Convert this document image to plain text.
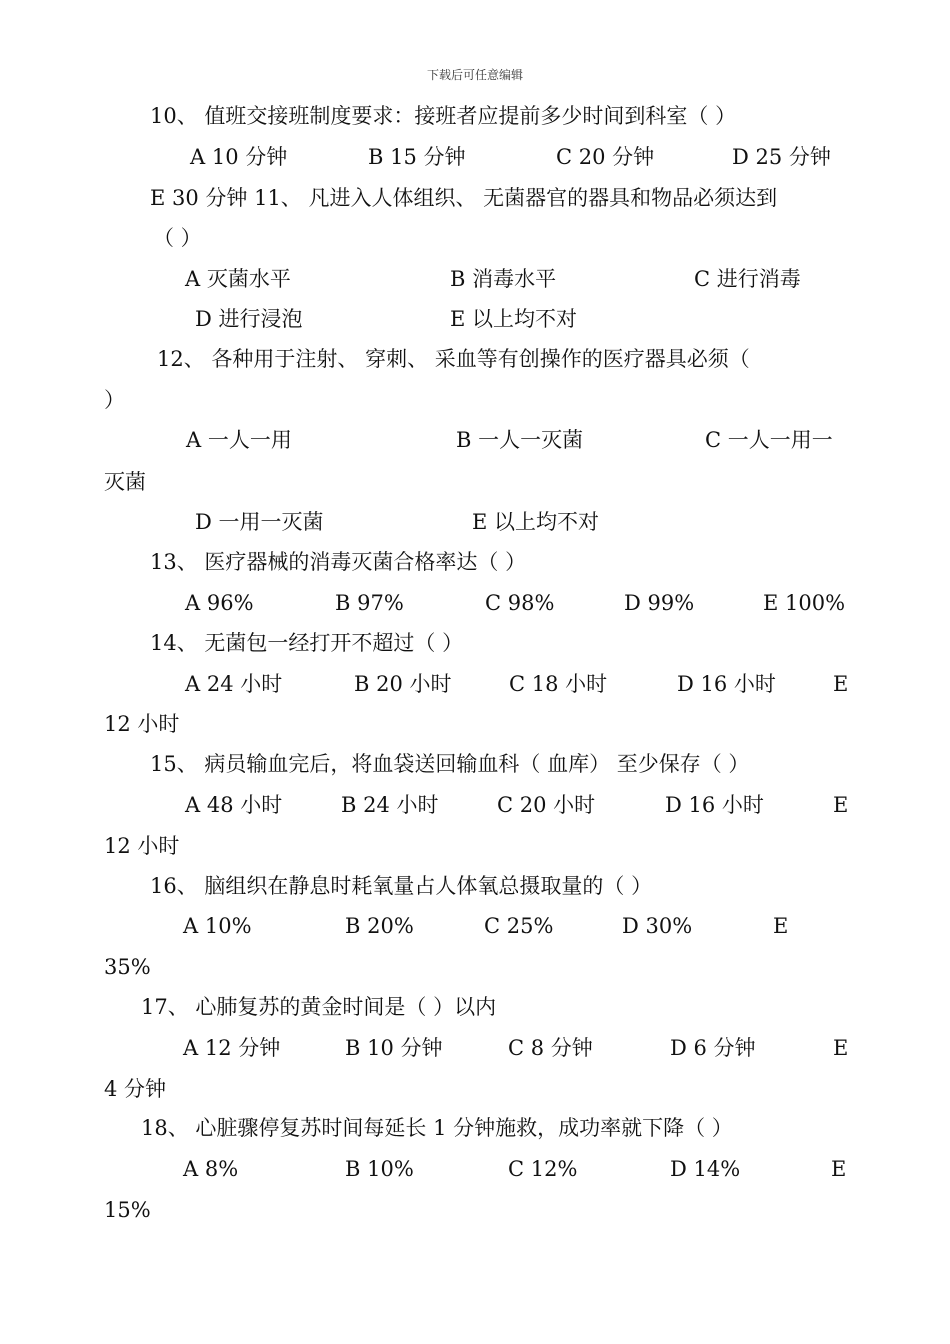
下载后可任意编辑
10、 值班交接班制度要求：接班者应提前多少时间到科室（ ）
A 10 分钟	B 15 分钟	C 20 分钟	D 25 分钟
E 30 分钟 11、 凡进入人体组织、 无菌器官的器具和物品必须达到
（ ）
A 灭菌水平	B 消毒水平	C 进行消毒
D 进行浸泡	E 以上均不对
12、 各种用于注射、 穿刺、 采血等有创操作的医疗器具必须（
）
A 一人一用	B 一人一灭菌	C 一人一用一
灭菌
D 一用一灭菌	E 以上均不对
13、 医疗器械的消毒灭菌合格率达（ ）
A 96%	B 97%	C 98%	D 99%	E 100%
14、 无菌包一经打开不超过（ ）
A 24 小时	B 20 小时	C 18 小时	D 16 小时	E
12 小时
15、 病员输血完后，将血袋送回输血科（ 血库） 至少保存（ ）
A 48 小时	B 24 小时	C 20 小时	D 16 小时	E
12 小时
16、 脑组织在静息时耗氧量占人体氧总摄取量的（ ）
A 10%	B 20%	C 25%	D 30%	E
35%
17、 心肺复苏的黄金时间是（ ）以内
A 12 分钟	B 10 分钟	C 8 分钟	D 6 分钟	E
4 分钟
18、 心脏骤停复苏时间每延长 1 分钟施救，成功率就下降（ ）
A 8%	B 10%	C 12%	D 14%	E
15%
